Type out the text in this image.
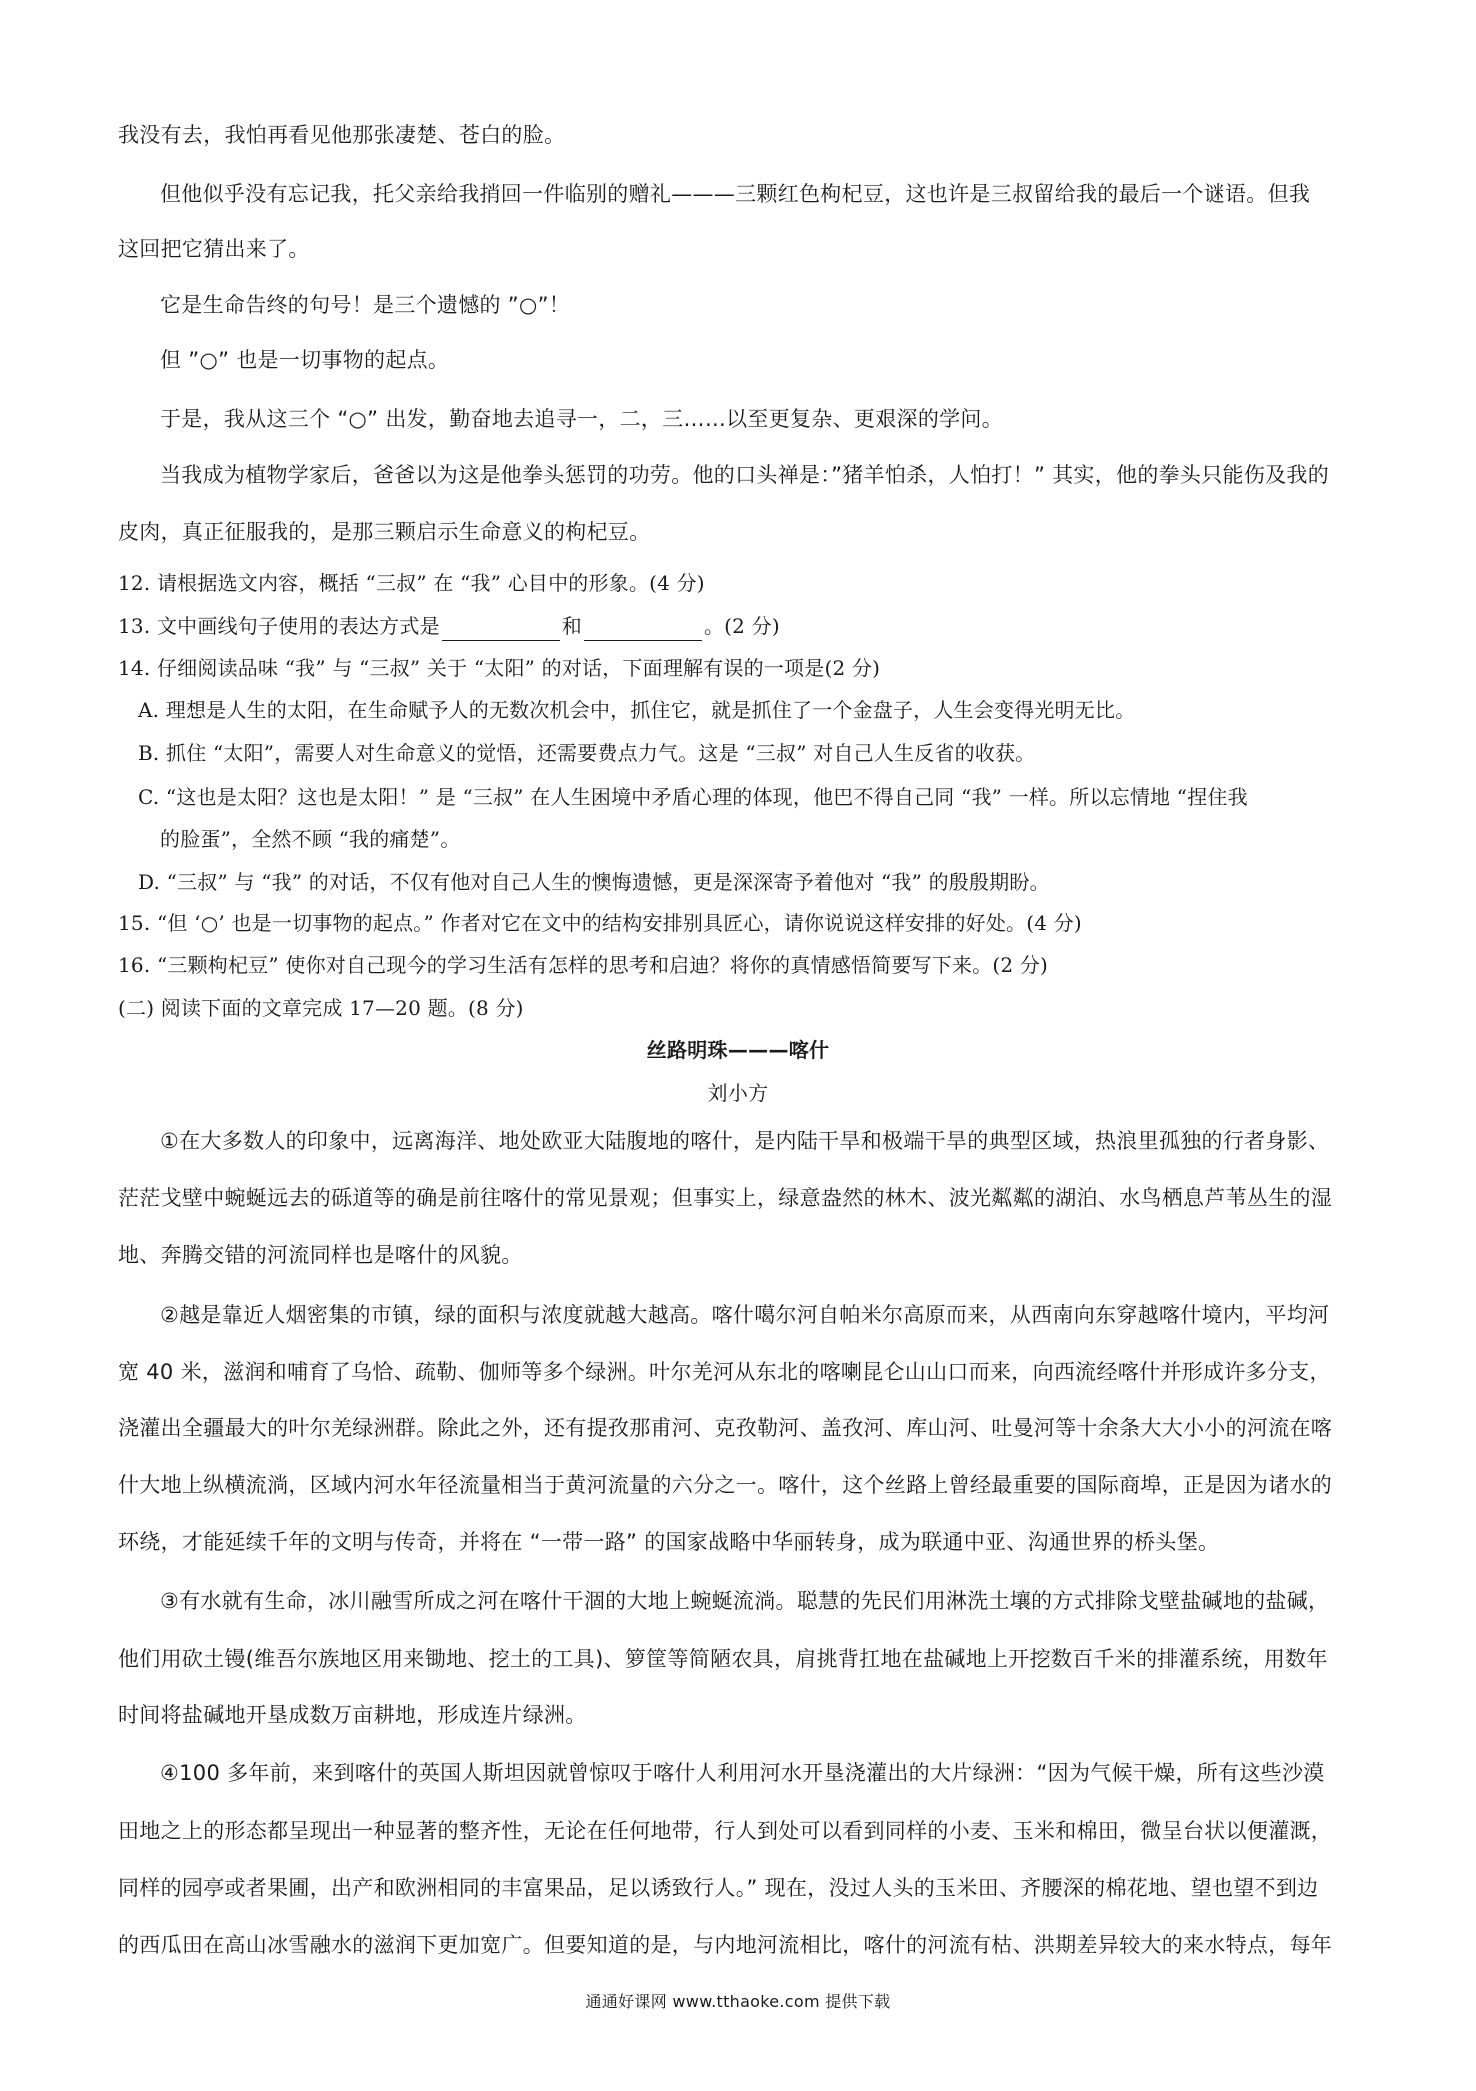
我没有去，我怕再看见他那张凄楚、苍白的脸。
但他似乎没有忘记我，托父亲给我捎回一件临别的赠礼———三颗红色枸杞豆，这也许是三叔留给我的最后一个谜语。但我
这回把它猜出来了。
它是生命告终的句号！是三个遗憾的 ”○”！
但 ”○” 也是一切事物的起点。
于是，我从这三个 “○” 出发，勤奋地去追寻一，二，三……以至更复杂、更艰深的学问。
当我成为植物学家后，爸爸以为这是他拳头惩罚的功劳。他的口头禅是：”猪羊怕杀，人怕打！” 其实，他的拳头只能伤及我的
皮肉，真正征服我的，是那三颗启示生命意义的枸杞豆。
12. 请根据选文内容，概括 “三叔” 在 “我” 心目中的形象。(4 分)
13. 文中画线句子使用的表达方式是	和	。(2 分)
14. 仔细阅读品味 “我” 与 “三叔” 关于 “太阳” 的对话，下面理解有误的一项是(2 分)
A. 理想是人生的太阳，在生命赋予人的无数次机会中，抓住它，就是抓住了一个金盘子，人生会变得光明无比。
B. 抓住 “太阳”，需要人对生命意义的觉悟，还需要费点力气。这是 “三叔” 对自己人生反省的收获。
C. “这也是太阳？这也是太阳！” 是 “三叔” 在人生困境中矛盾心理的体现，他巴不得自己同 “我” 一样。所以忘情地 “捏住我
的脸蛋”，全然不顾 “我的痛楚”。
D. “三叔” 与 “我” 的对话，不仅有他对自己人生的懊悔遗憾，更是深深寄予着他对 “我” 的殷殷期盼。
15. “但 ‘○’ 也是一切事物的起点。” 作者对它在文中的结构安排别具匠心，请你说说这样安排的好处。(4 分)
16. “三颗枸杞豆” 使你对自己现今的学习生活有怎样的思考和启迪？将你的真情感悟简要写下来。(2 分)
(二) 阅读下面的文章完成 17—20 题。(8 分)
丝路明珠———喀什
刘小方
①在大多数人的印象中，远离海洋、地处欧亚大陆腹地的喀什，是内陆干旱和极端干旱的典型区域，热浪里孤独的行者身影、
茫茫戈壁中蜿蜒远去的砾道等的确是前往喀什的常见景观；但事实上，绿意盎然的林木、波光粼粼的湖泊、水鸟栖息芦苇丛生的湿
地、奔腾交错的河流同样也是喀什的风貌。
②越是靠近人烟密集的市镇，绿的面积与浓度就越大越高。喀什噶尔河自帕米尔高原而来，从西南向东穿越喀什境内，平均河
宽 40 米，滋润和哺育了乌恰、疏勒、伽师等多个绿洲。叶尔羌河从东北的喀喇昆仑山山口而来，向西流经喀什并形成许多分支，
浇灌出全疆最大的叶尔羌绿洲群。除此之外，还有提孜那甫河、克孜勒河、盖孜河、库山河、吐曼河等十余条大大小小的河流在喀
什大地上纵横流淌，区域内河水年径流量相当于黄河流量的六分之一。喀什，这个丝路上曾经最重要的国际商埠，正是因为诸水的
环绕，才能延续千年的文明与传奇，并将在 “一带一路” 的国家战略中华丽转身，成为联通中亚、沟通世界的桥头堡。
③有水就有生命，冰川融雪所成之河在喀什干涸的大地上蜿蜒流淌。聪慧的先民们用淋洗土壤的方式排除戈壁盐碱地的盐碱，
他们用砍土镘(维吾尔族地区用来锄地、挖土的工具)、箩筐等简陋农具，肩挑背扛地在盐碱地上开挖数百千米的排灌系统，用数年
时间将盐碱地开垦成数万亩耕地，形成连片绿洲。
④100 多年前，来到喀什的英国人斯坦因就曾惊叹于喀什人利用河水开垦浇灌出的大片绿洲：“因为气候干燥，所有这些沙漠
田地之上的形态都呈现出一种显著的整齐性，无论在任何地带，行人到处可以看到同样的小麦、玉米和棉田，微呈台状以便灌溉，
同样的园亭或者果圃，出产和欧洲相同的丰富果品，足以诱致行人。” 现在，没过人头的玉米田、齐腰深的棉花地、望也望不到边
的西瓜田在高山冰雪融水的滋润下更加宽广。但要知道的是，与内地河流相比，喀什的河流有枯、洪期差异较大的来水特点，每年
通通好课网 www.tthaoke.com 提供下载
